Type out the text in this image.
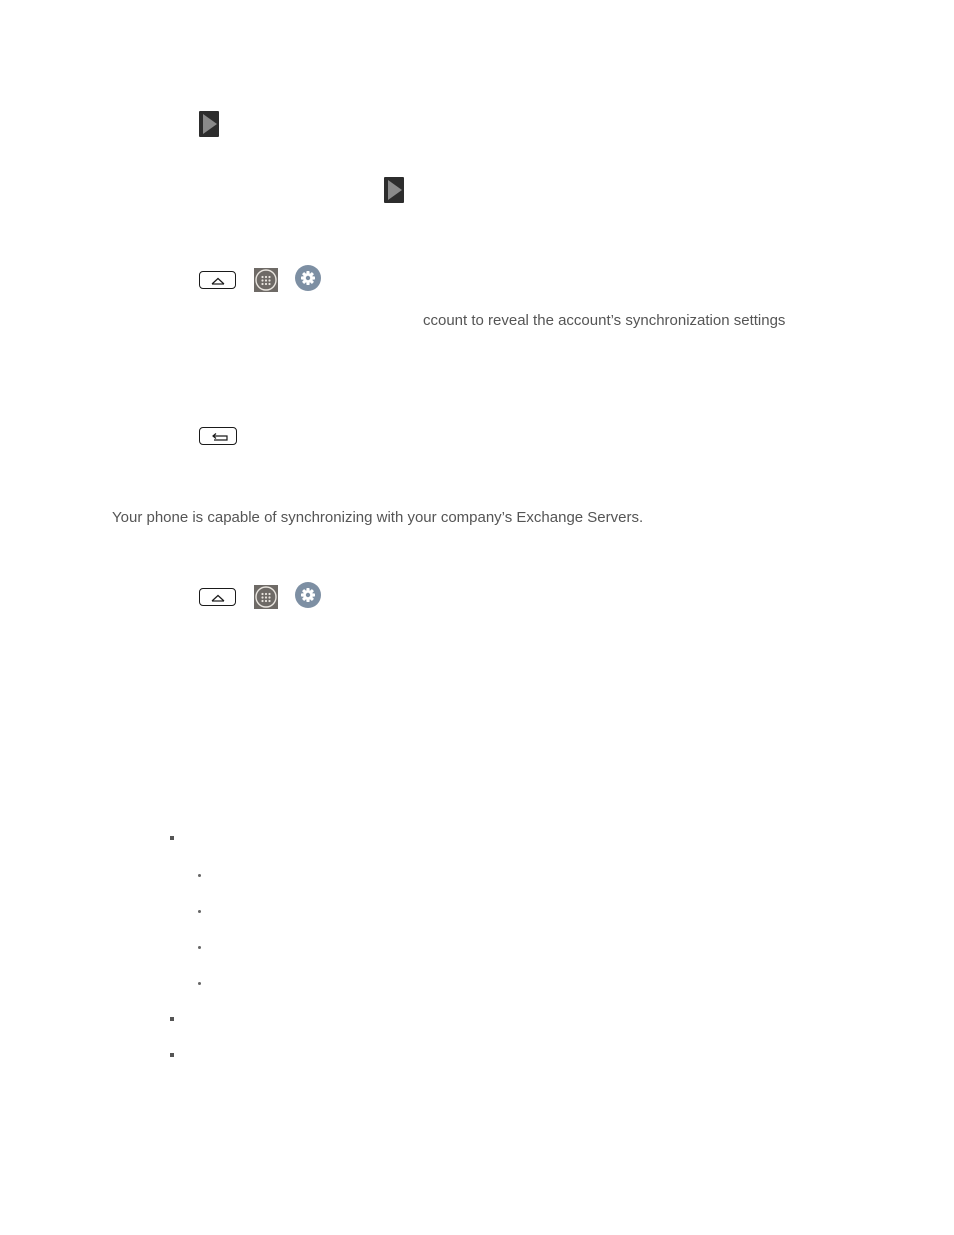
ccount to reveal the account’s synchronization settings
Your phone is capable of synchronizing with your company’s Exchange Servers.
